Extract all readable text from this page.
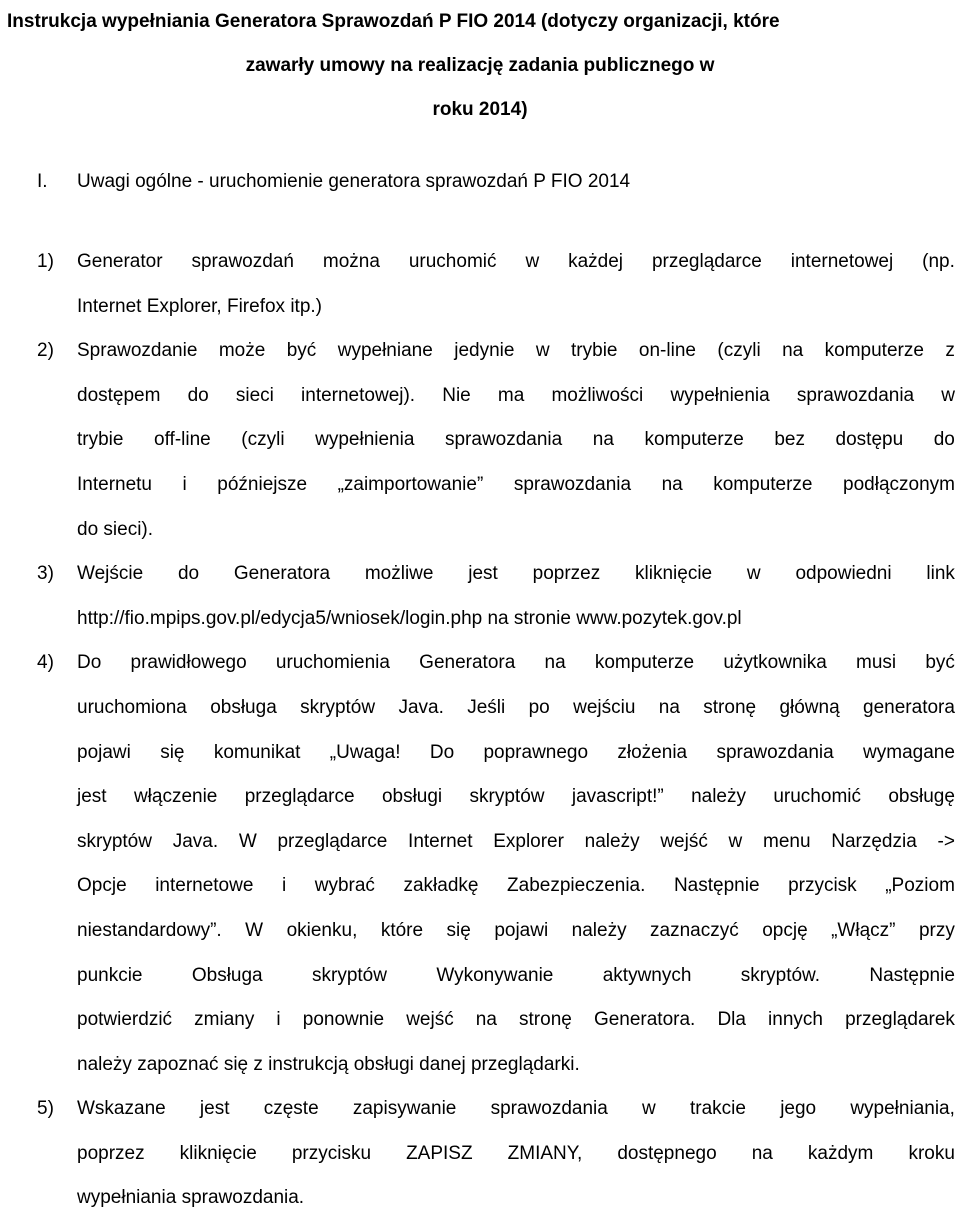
Instrukcja wypełniania Generatora Sprawozdań P FIO 2014 (dotyczy organizacji, które
zawarły umowy na realizację zadania publicznego w
roku 2014)
I. Uwagi ogólne - uruchomienie generatora sprawozdań P FIO 2014
1)	Generator sprawozdań można uruchomić w każdej przeglądarce internetowej (np.
Internet Explorer, Firefox itp.)
2)	Sprawozdanie może być wypełniane jedynie w trybie on-line (czyli na komputerze z
dostępem do sieci internetowej). Nie ma możliwości wypełnienia sprawozdania w
trybie off-line (czyli wypełnienia sprawozdania na komputerze bez dostępu do
Internetu i późniejsze „zaimportowanie” sprawozdania na komputerze podłączonym
do sieci).
3)	Wejście do Generatora możliwe jest poprzez kliknięcie w odpowiedni link
http://fio.mpips.gov.pl/edycja5/wniosek/login.php na stronie www.pozytek.gov.pl
4)	Do prawidłowego uruchomienia Generatora na komputerze użytkownika musi być
uruchomiona obsługa skryptów Java. Jeśli po wejściu na stronę główną generatora
pojawi się komunikat „Uwaga! Do poprawnego złożenia sprawozdania wymagane
jest włączenie przeglądarce obsługi skryptów javascript!” należy uruchomić obsługę
skryptów Java. W przeglądarce Internet Explorer należy wejść w menu Narzędzia ->
Opcje internetowe i wybrać zakładkę Zabezpieczenia. Następnie przycisk „Poziom
niestandardowy”. W okienku, które się pojawi należy zaznaczyć opcję „Włącz” przy
punkcie	Obsługa	skryptów	Wykonywanie	aktywnych	skryptów.	Następnie
potwierdzić zmiany i ponownie wejść na stronę Generatora. Dla innych przeglądarek
należy zapoznać się z instrukcją obsługi danej przeglądarki.
5)	Wskazane jest częste zapisywanie sprawozdania w trakcie jego wypełniania,
poprzez kliknięcie przycisku ZAPISZ ZMIANY, dostępnego na każdym kroku
wypełniania sprawozdania.
